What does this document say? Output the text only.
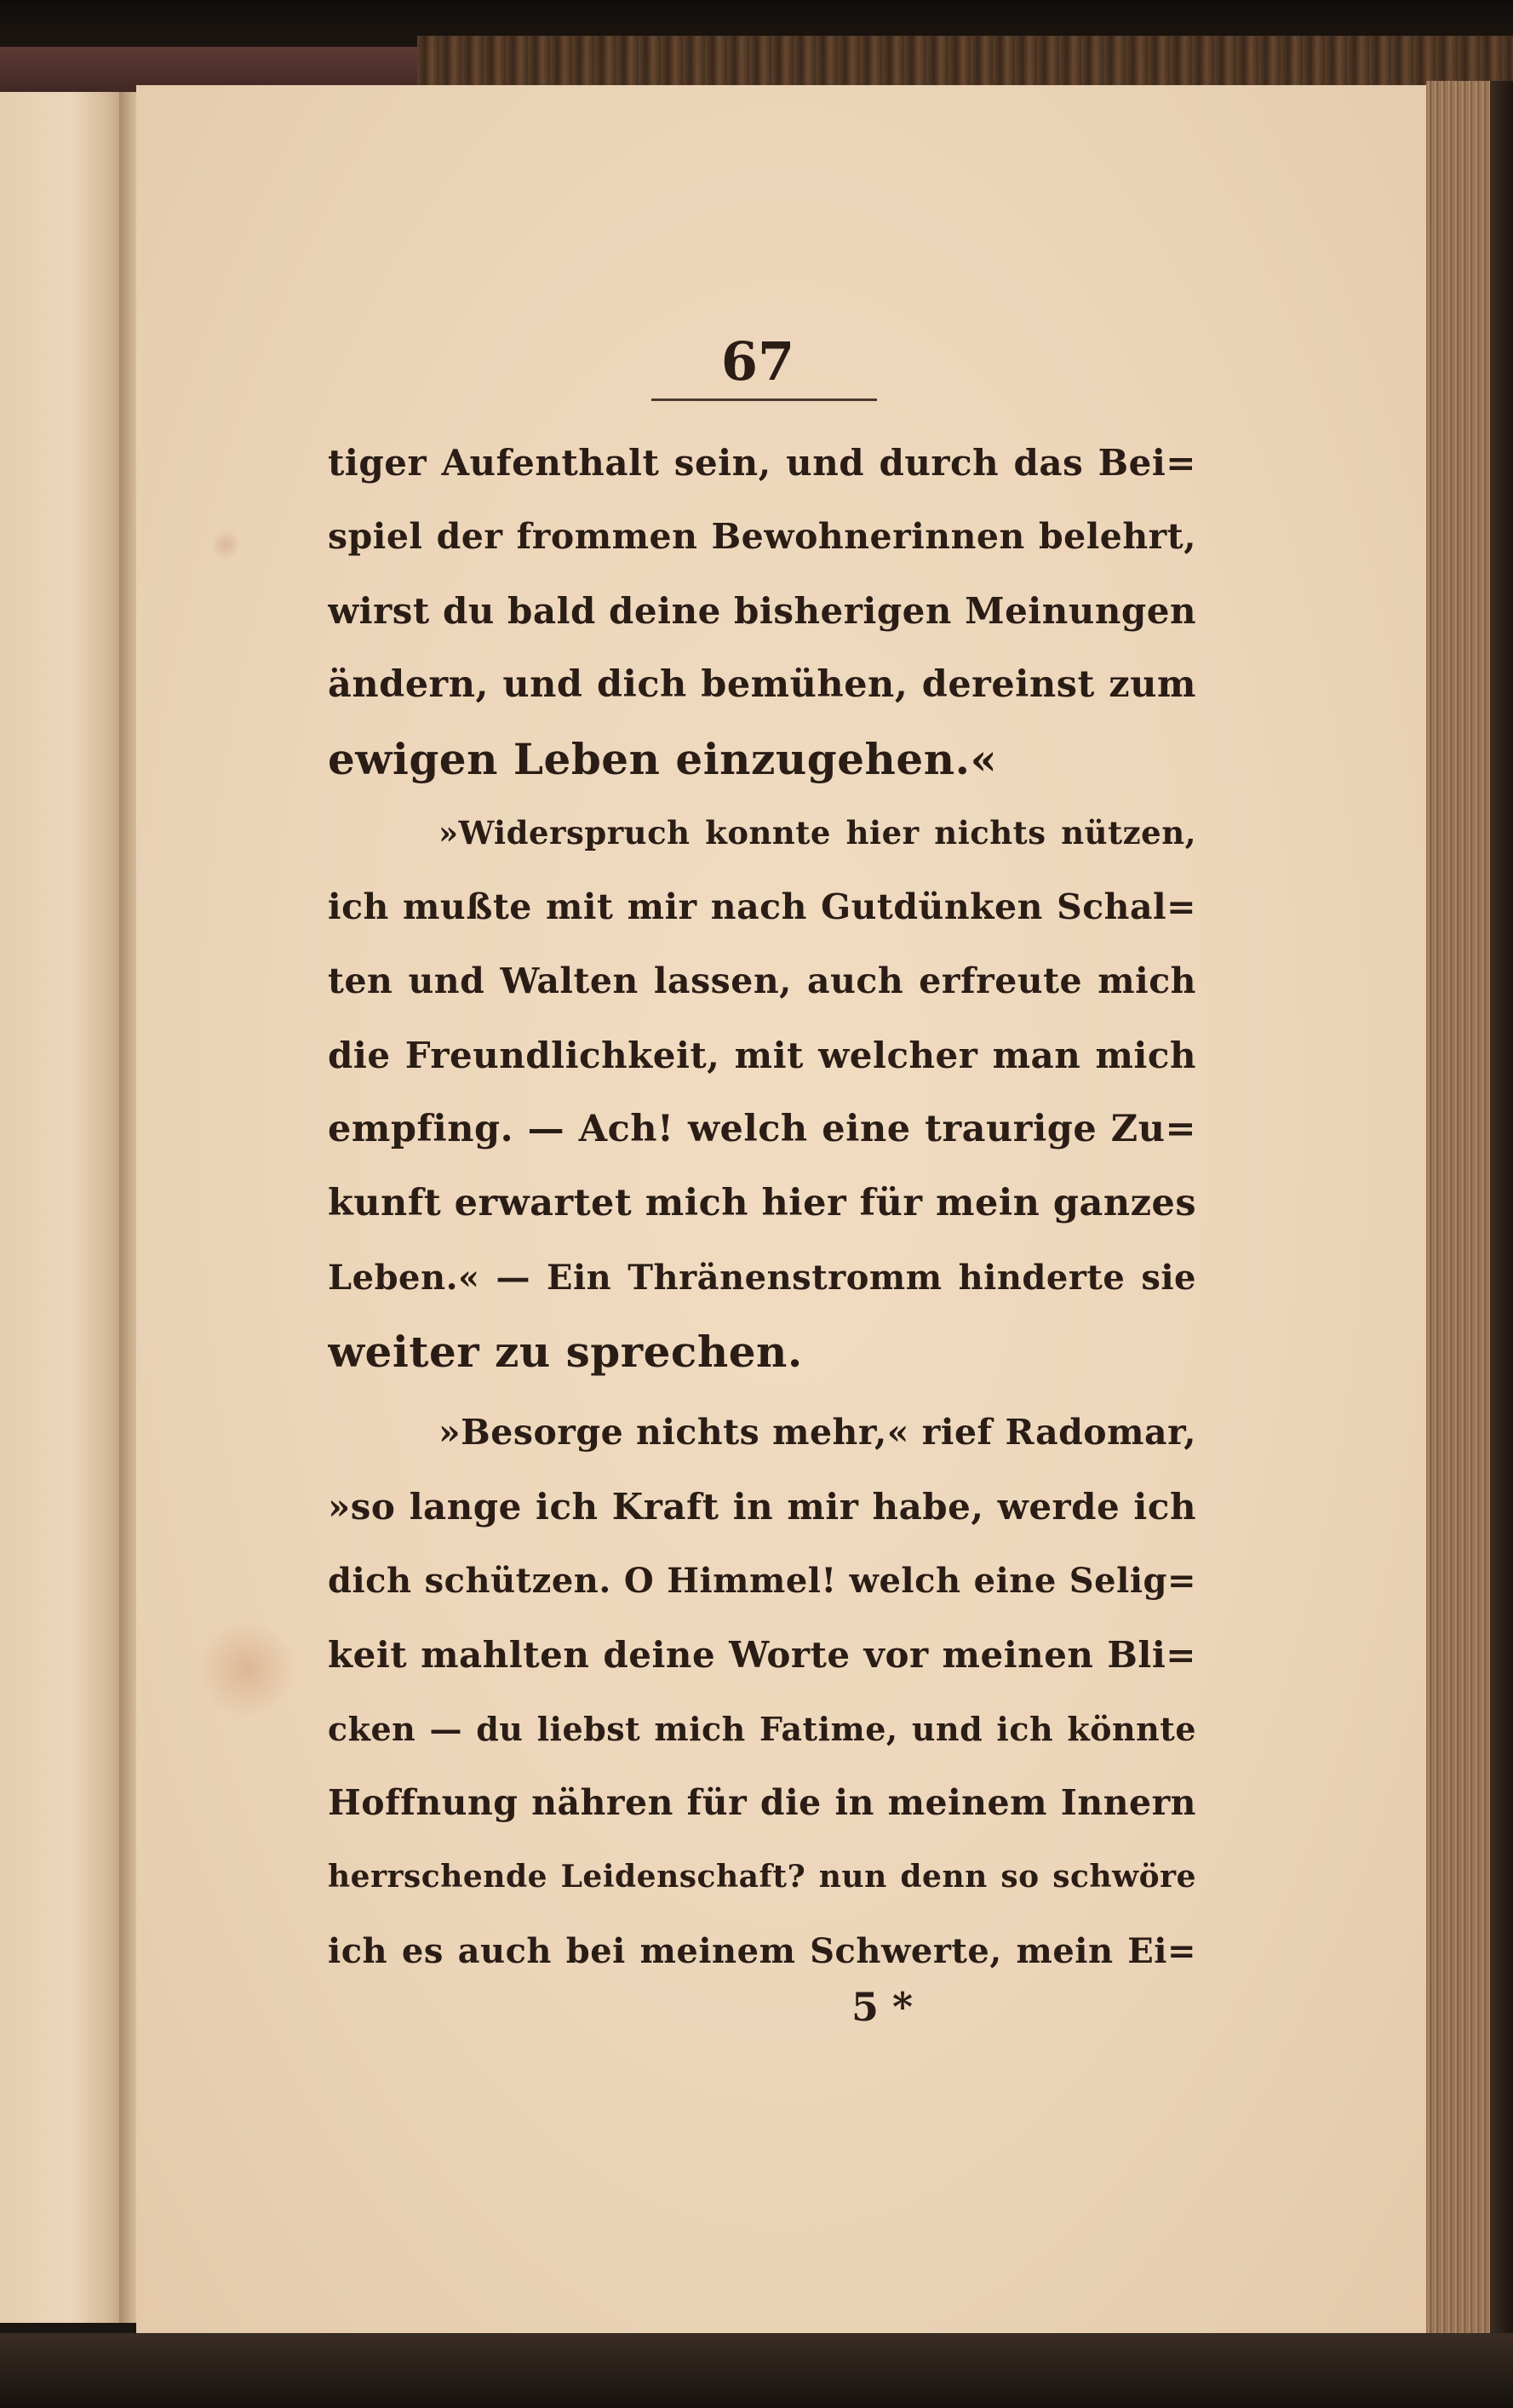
67
tiger Aufenthalt sein, und durch das Bei=
spiel der frommen Bewohnerinnen belehrt,
wirst du bald deine bisherigen Meinungen
ändern, und dich bemühen, dereinst zum
ewigen Leben einzugehen.«
»Widerspruch konnte hier nichts nützen,
ich mußte mit mir nach Gutdünken Schal=
ten und Walten lassen, auch erfreute mich
die Freundlichkeit, mit welcher man mich
empfing. — Ach! welch eine traurige Zu=
kunft erwartet mich hier für mein ganzes
Leben.« — Ein Thränenstromm hinderte sie
weiter zu sprechen.
»Besorge nichts mehr,« rief Radomar,
»so lange ich Kraft in mir habe, werde ich
dich schützen. O Himmel! welch eine Selig=
keit mahlten deine Worte vor meinen Bli=
cken — du liebst mich Fatime, und ich könnte
Hoffnung nähren für die in meinem Innern
herrschende Leidenschaft? nun denn so schwöre
ich es auch bei meinem Schwerte, mein Ei=
5 *
